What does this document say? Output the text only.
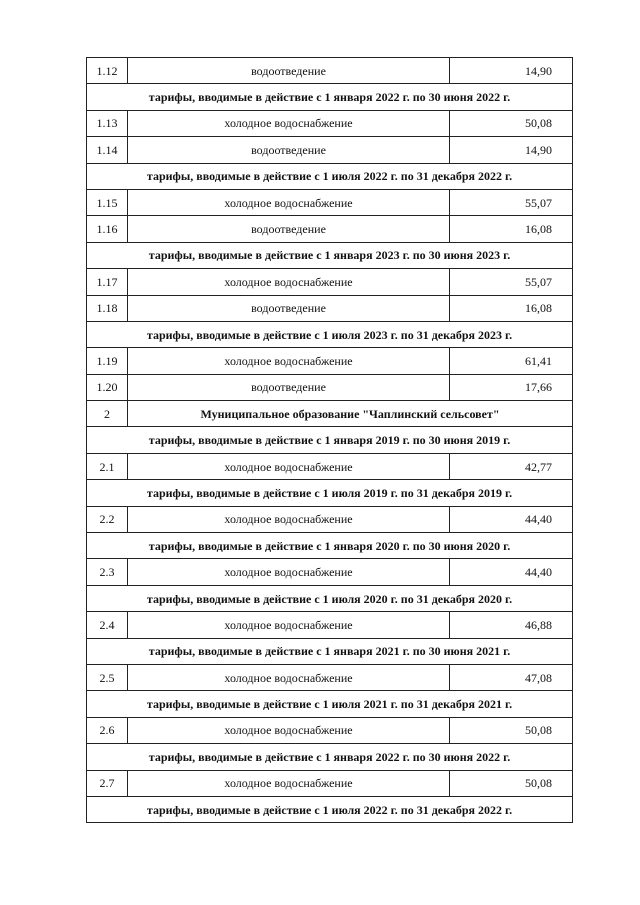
1.12	водоотведение	14,90
тарифы, вводимые в действие с 1 января 2022 г. по 30 июня 2022 г.		
1.13	холодное водоснабжение	50,08
1.14	водоотведение	14,90
тарифы, вводимые в действие с 1 июля 2022 г. по 31 декабря 2022 г.		
1.15	холодное водоснабжение	55,07
1.16	водоотведение	16,08
тарифы, вводимые в действие с 1 января 2023 г. по 30 июня 2023 г.		
1.17	холодное водоснабжение	55,07
1.18	водоотведение	16,08
тарифы, вводимые в действие с 1 июля 2023 г. по 31 декабря 2023 г.		
1.19	холодное водоснабжение	61,41
1.20	водоотведение	17,66
2	Муниципальное образование "Чаплинский сельсовет"	
тарифы, вводимые в действие с 1 января 2019 г. по 30 июня 2019 г.		
2.1	холодное водоснабжение	42,77
тарифы, вводимые в действие с 1 июля 2019 г. по 31 декабря 2019 г.		
2.2	холодное водоснабжение	44,40
тарифы, вводимые в действие с 1 января 2020 г. по 30 июня 2020 г.		
2.3	холодное водоснабжение	44,40
тарифы, вводимые в действие с 1 июля 2020 г. по 31 декабря 2020 г.		
2.4	холодное водоснабжение	46,88
тарифы, вводимые в действие с 1 января 2021 г. по 30 июня 2021 г.		
2.5	холодное водоснабжение	47,08
тарифы, вводимые в действие с 1 июля 2021 г. по 31 декабря 2021 г.		
2.6	холодное водоснабжение	50,08
тарифы, вводимые в действие с 1 января 2022 г. по 30 июня 2022 г.		
2.7	холодное водоснабжение	50,08
тарифы, вводимые в действие с 1 июля 2022 г. по 31 декабря 2022 г.		
